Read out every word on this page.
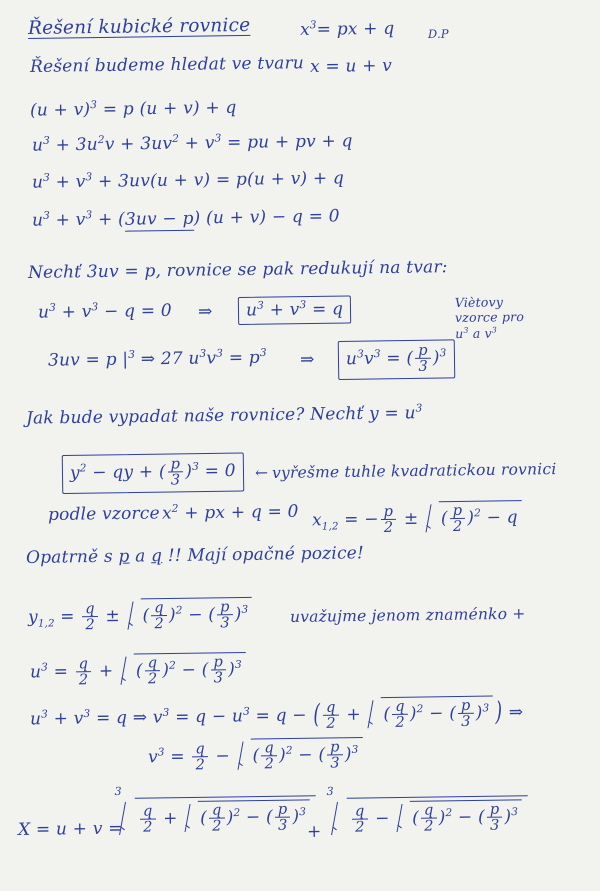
Řešení kubické rovnice	$x^3=$ px + q	D.P
Řešení budeme hledat ve tvaru x = u + v
$(u + v)^3 = p$ (u + v) + q
$u^3 + 3u^2v + 3uv^2 + v^3$ = pu + pv + q
$u^3 + v^3 + 3uv(u + v) = p(u + v) + q$
$u^3 + v^3 + (3uv - p) (u + v) - q = 0$
Nechť 3uv = p, rovnice se pak redukují na tvar:
$u^3 + v^3 - q = 0$ ⇒	$u^3 + v^3 = q$	Viètovy
vzorce pro
$u^3$ a $v^3$
3uv = p $|^3$ ⇒ 27 $u^3v^3 = p^3$ ⇒	$u^3v^3$ = ( $\frac{p}{3} )^3$
Jak bude vypadat naše rovnice? Nechť $y = u^3$
$y^2$ − qy + ( $\frac{p}{3} )^3 = 0$	← vyřešme tuhle kvadratickou rovnici
podle vzorce $x^2$ + px + q = 0 $x_{1,2}$ = − $\frac{p}{2}$ ± ( $\frac{p}{2} )^2 - q$
Opatrně s p a q !! Mají opačné pozice!
$y_{1,2} = \frac{q}{2}$ ± ( $\frac{q}{2} )^2$ − ( $\frac{p}{3} )^3$	uvažujme jenom znaménko +
$u^3 = \frac{q}{2}$ + ( $\frac{q}{2} )^2$ − ( $\frac{p}{3} )^3$
$u^3 + v^3 = q$ ⇒ $v^3 = q - u^3 = q$ − ( $\frac{q}{2}$ + ( $\frac{q}{2} )^2$ − ( $\frac{p}{3} )^3$ ) ⇒
$v^3 = \frac{q}{2}$ − ( $\frac{q}{2} )^2$ − ( $\frac{p}{3} )^3$
X = u + v =
3
$\frac{q}{2}$ + ( $\frac{q}{2} )^2$ − ( $\frac{p}{3} )^3$
+
3
$\frac{q}{2}$ − ( $\frac{q}{2} )^2$ − ( $\frac{p}{3} )^3$
